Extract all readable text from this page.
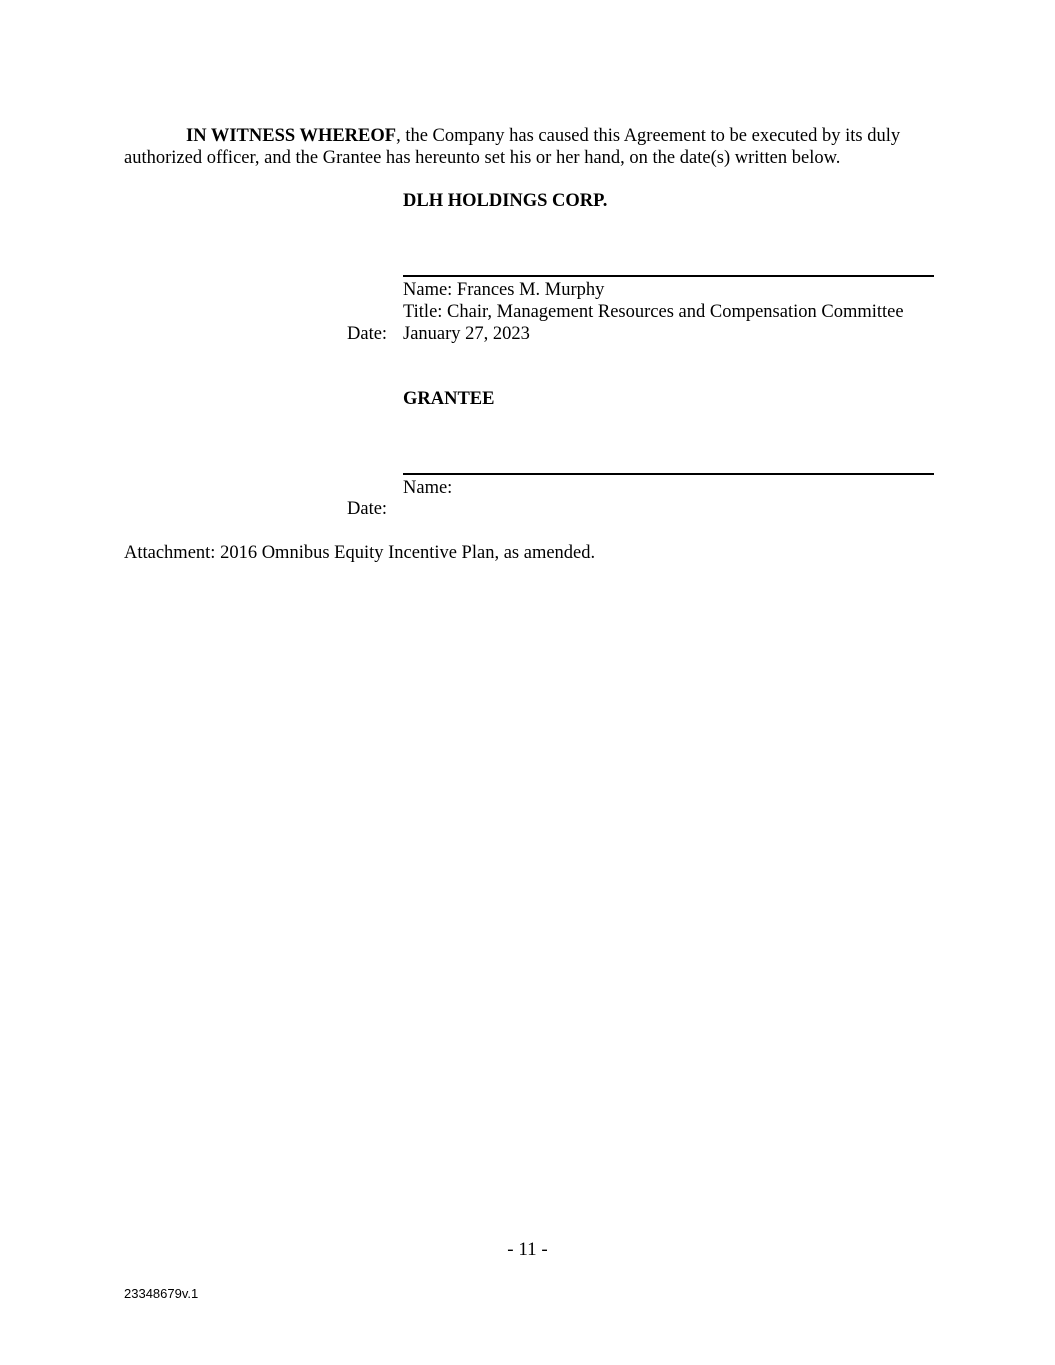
IN WITNESS WHEREOF, the Company has caused this Agreement to be executed by its duly
authorized officer, and the Grantee has hereunto set his or her hand, on the date(s) written below.
DLH HOLDINGS CORP.
Name: Frances M. Murphy
Title: Chair, Management Resources and Compensation Committee
Date: January 27, 2023
GRANTEE
Name:
Date:
Attachment: 2016 Omnibus Equity Incentive Plan, as amended.
- 11 -
23348679v.1
